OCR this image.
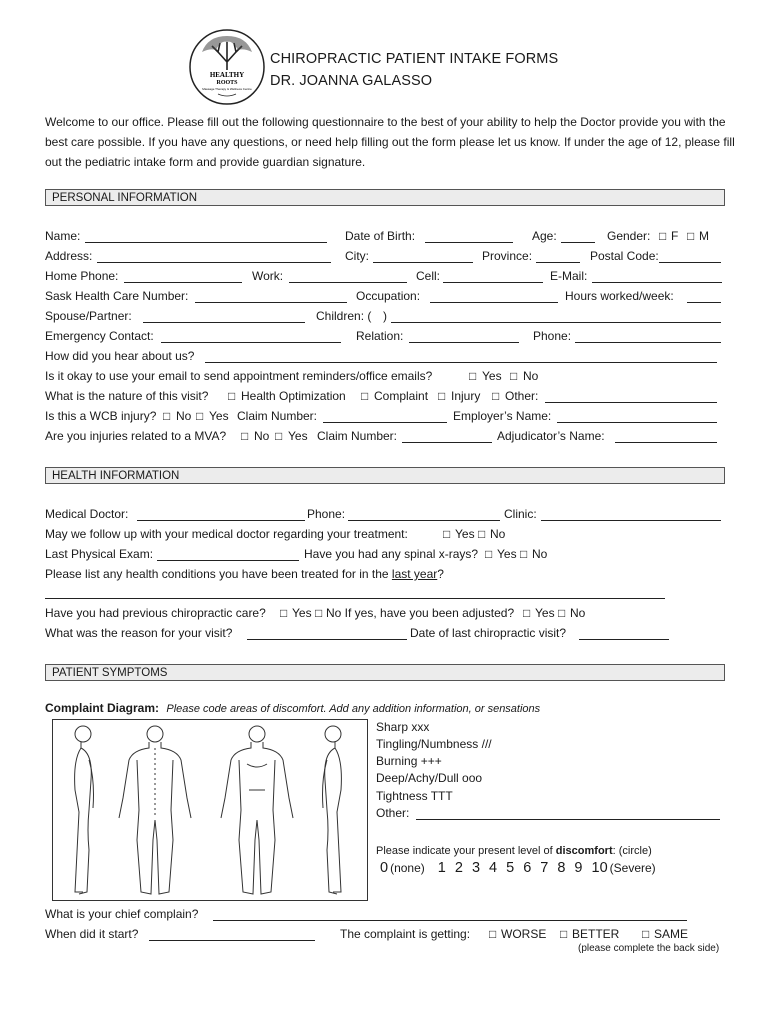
HEALTHY
ROOTS
Massage Therapy & Wellness Centre
CHIROPRACTIC PATIENT INTAKE FORMS
DR. JOANNA GALASSO
Welcome to our office. Please fill out the following questionnaire to the best of your ability to help the Doctor provide you with the best care possible. If you have any questions, or need help filling out the form please let us know. If under the age of 12, please fill out the pediatric intake form and provide guardian signature.
PERSONAL INFORMATION
Name:	Date of Birth:	Age:	Gender: □ F □ M
Address:	City:	Province:	Postal Code:
Home Phone:	Work:	Cell:	E-Mail:
Sask Health Care Number:	Occupation:	Hours worked/week:
Spouse/Partner:	Children: ( )
Emergency Contact:	Relation:	Phone:
How did you hear about us?
Is it okay to use your email to send appointment reminders/office emails?	□ Yes □ No
What is the nature of this visit? □ Health Optimization □ Complaint □ Injury □ Other:
Is this a WCB injury? □ No □ Yes Claim Number:	Employer’s Name:
Are you injuries related to a MVA? □ No □ Yes Claim Number:	Adjudicator’s Name:
HEALTH INFORMATION
Medical Doctor:	Phone:	Clinic:
May we follow up with your medical doctor regarding your treatment:	□ Yes □ No
Last Physical Exam:	Have you had any spinal x-rays? □ Yes □ No
Please list any health conditions you have been treated for in the last year?
Have you had previous chiropractic care? □ Yes □ No If yes, have you been adjusted? □ Yes □ No
What was the reason for your visit?	Date of last chiropractic visit?
PATIENT SYMPTOMS
Complaint Diagram: Please code areas of discomfort. Add any addition information, or sensations
Sharp xxx
Tingling/Numbness ///
Burning +++
Deep/Achy/Dull ooo
Tightness TTT
Other:
Please indicate your present level of discomfort: (circle)
0 (none) 1 2 3 4 5 6 7 8 9 10 (Severe)
What is your chief complain?
When did it start?	The complaint is getting: □ WORSE □ BETTER □ SAME
(please complete the back side)
